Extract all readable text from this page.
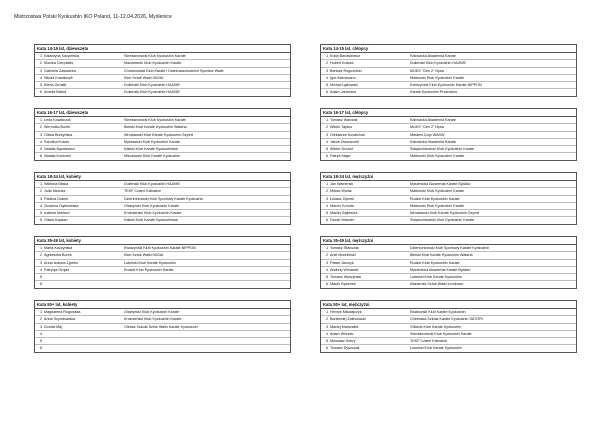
Mistrzostwa Polski Kyokushin IKO Poland, 11-12.04.2026, Myślenice
Kata 14-15 lat, dziewczęta
1 Katarzyna Kacperska	Siemianowicki Klub Kyokushin Karate
2 Monika Cierpiałek	Mazowiecki Klub Kyokushin Karate
3 Gabriela Zawadzka	Chrzanowski Klub Karate i Dalekowschodnich Sportów Walki
4 Nikola Kowalczyk	Klub Sztuk Walki IKIGAI
5 Elena Ornatik	Dulieński Klub Kyokushin HAJIME
6 Amelia Bilska	Dulieński Klub Kyokushin HAJIME
Kata 14-15 lat, chłopcy
1 Kuba Banasiewicz	Katowicka Akademia Karate
2 Hubert Kołaza	Dulieński Klub Kyokushin HAJIME
3 Bartosz Rogoziński	MUKS "Gen 2" Nysa
4 Igor Ast​mecanu	Malborski Klub Kyokushin Karate
5 Michał Łątkowski	Kwidzyński Klub Kyokushin Karate NIPPON
6 Adam Janeczko	Karate Kyokushin Przemków
Kata 16-17 lat, dziewczęta
1 Lena Kowalczuk	Siemianowicki Klub Kyokushin Karate
2 Weronika Borek	Bielski Klub Karate Kyokushin Wataha
3 Oliwia Burzyńska	Wrocławski Klub Karate Kyokushin-Sepert
4 Karolina Kuban	Mysłowicki Klub Kyokushin Karate
5 Natalia Bącalewicz	Kaliski Klub Karate Kyokushinkai
6 Natalia Kosiorek	Mikołowski Klub Karate Kyokushin
Kata 16-17 lat, chłopcy
1 Tomasz Walczak	Katowicka Akademia Karate
2 Wiktor Tajdus	MUKS "Gen 2" Nysa
3 Oleksandr Kovalchuk	Masters Dojo WASW
4 Jakub Dworaczek	Katowicka Akademia Karate
5 Wiktor Drozdż	Świętochłowicki Klub Kyokushin Karate
6 Patryk Majer	Malborski Klub Kyokushin Karate
Kata 18-34 lat, kobiety
1 Wiktoria Bilska	Dulieński Klub Kyokushin HAJIME
2 Julia Marcisz	TKKF Czarni Katowice
3 Paulina Dralek	Dzierżoniowski Klub Sportowy Karate Kyokushin
4 Zuzanna Dąbkowska	Olsztyński Klub Kyokushin Karate
5 Izabela Mielach	Krośnieński Klub Kyokushin Karate
6 Oliwia Kapkan	Kaliski Klub Karate Kyokushinkai
Kata 18-34 lat, mężczyźni
1 Jan Wamerski	Myślenicka Akademia Karate Byakko
2 Miłosz Wolak	Malborski Klub Kyokushin Karate
3 Łukasz Dymek	Rudzki Klub Kyokushin Karate
4 Marcin Kondra	Malborski Klub Kyokushin Karate
5 Maciej Gajlewicz	Wrocławski Klub Karate Kyokushin-Sepert
6 Daniel Wander	Świętochłowicki Klub Kyokushin Karate
Kata 35-49 lat, kobiety
1 Marta Kaczyńska	Kwidzyński Klub Kyokushin Karate NIPPON
2 Agnieszka Borek	Klub Sztuk Walki IKIGAI
3 Anna Izabela Zgórko	Lubelski Klub Karate Kyokushin
4 Patrycja Grojas	Rudzki Klub Kyokushin Karate
5
6
Kata 35-49 lat, mężczyźni
1 Tomasz Stańczak	Dzierżoniowski Klub Sportowy Karate Kyokushin
2 Ariel Mochliński	Bielski Klub Karate Kyokushin Wataha
3 Paweł Jarczyk	Rudzki Klub Kyokushin Karate
4 Andrzej Winiarski	Myślenicka Akademia Karate Byakko
5 Tomasz Wyszyński	Lubelski Klub Karate Kyokushin
6 Marek Bębenek	Akademia Sztuk Walki Łomkowo
Kata 50+ lat, kobiety
1 Magdalena Rogowska	Olsztyński Klub Kyokushin Karate
2 Anna Szymkowska	Krośnieński Klub Kyokushin Karate
3 Dorota Maj	Oleska Szkoła Sztuk Walki Karate Kyokushin
4
5
6
Kata 50+ lat, mężczyźni
1 Henryk Mikołajczyk	Raciborski Klub Karate Kyokushin
2 Bartłomiej Zalecowski	Chełmska Szkoła Karate Kyokushin SATORI
3 Maciej Marszałek	Gliwicki Klub Karate Kyokushin
4 Adam Wilczek	Siemianowicki Klub Kyokushin Karate
5 Mirosław Dobry	TKKF Czarni Katowice
6 Tomasz Dyszczak	Lubelski Klub Karate Kyokushin
